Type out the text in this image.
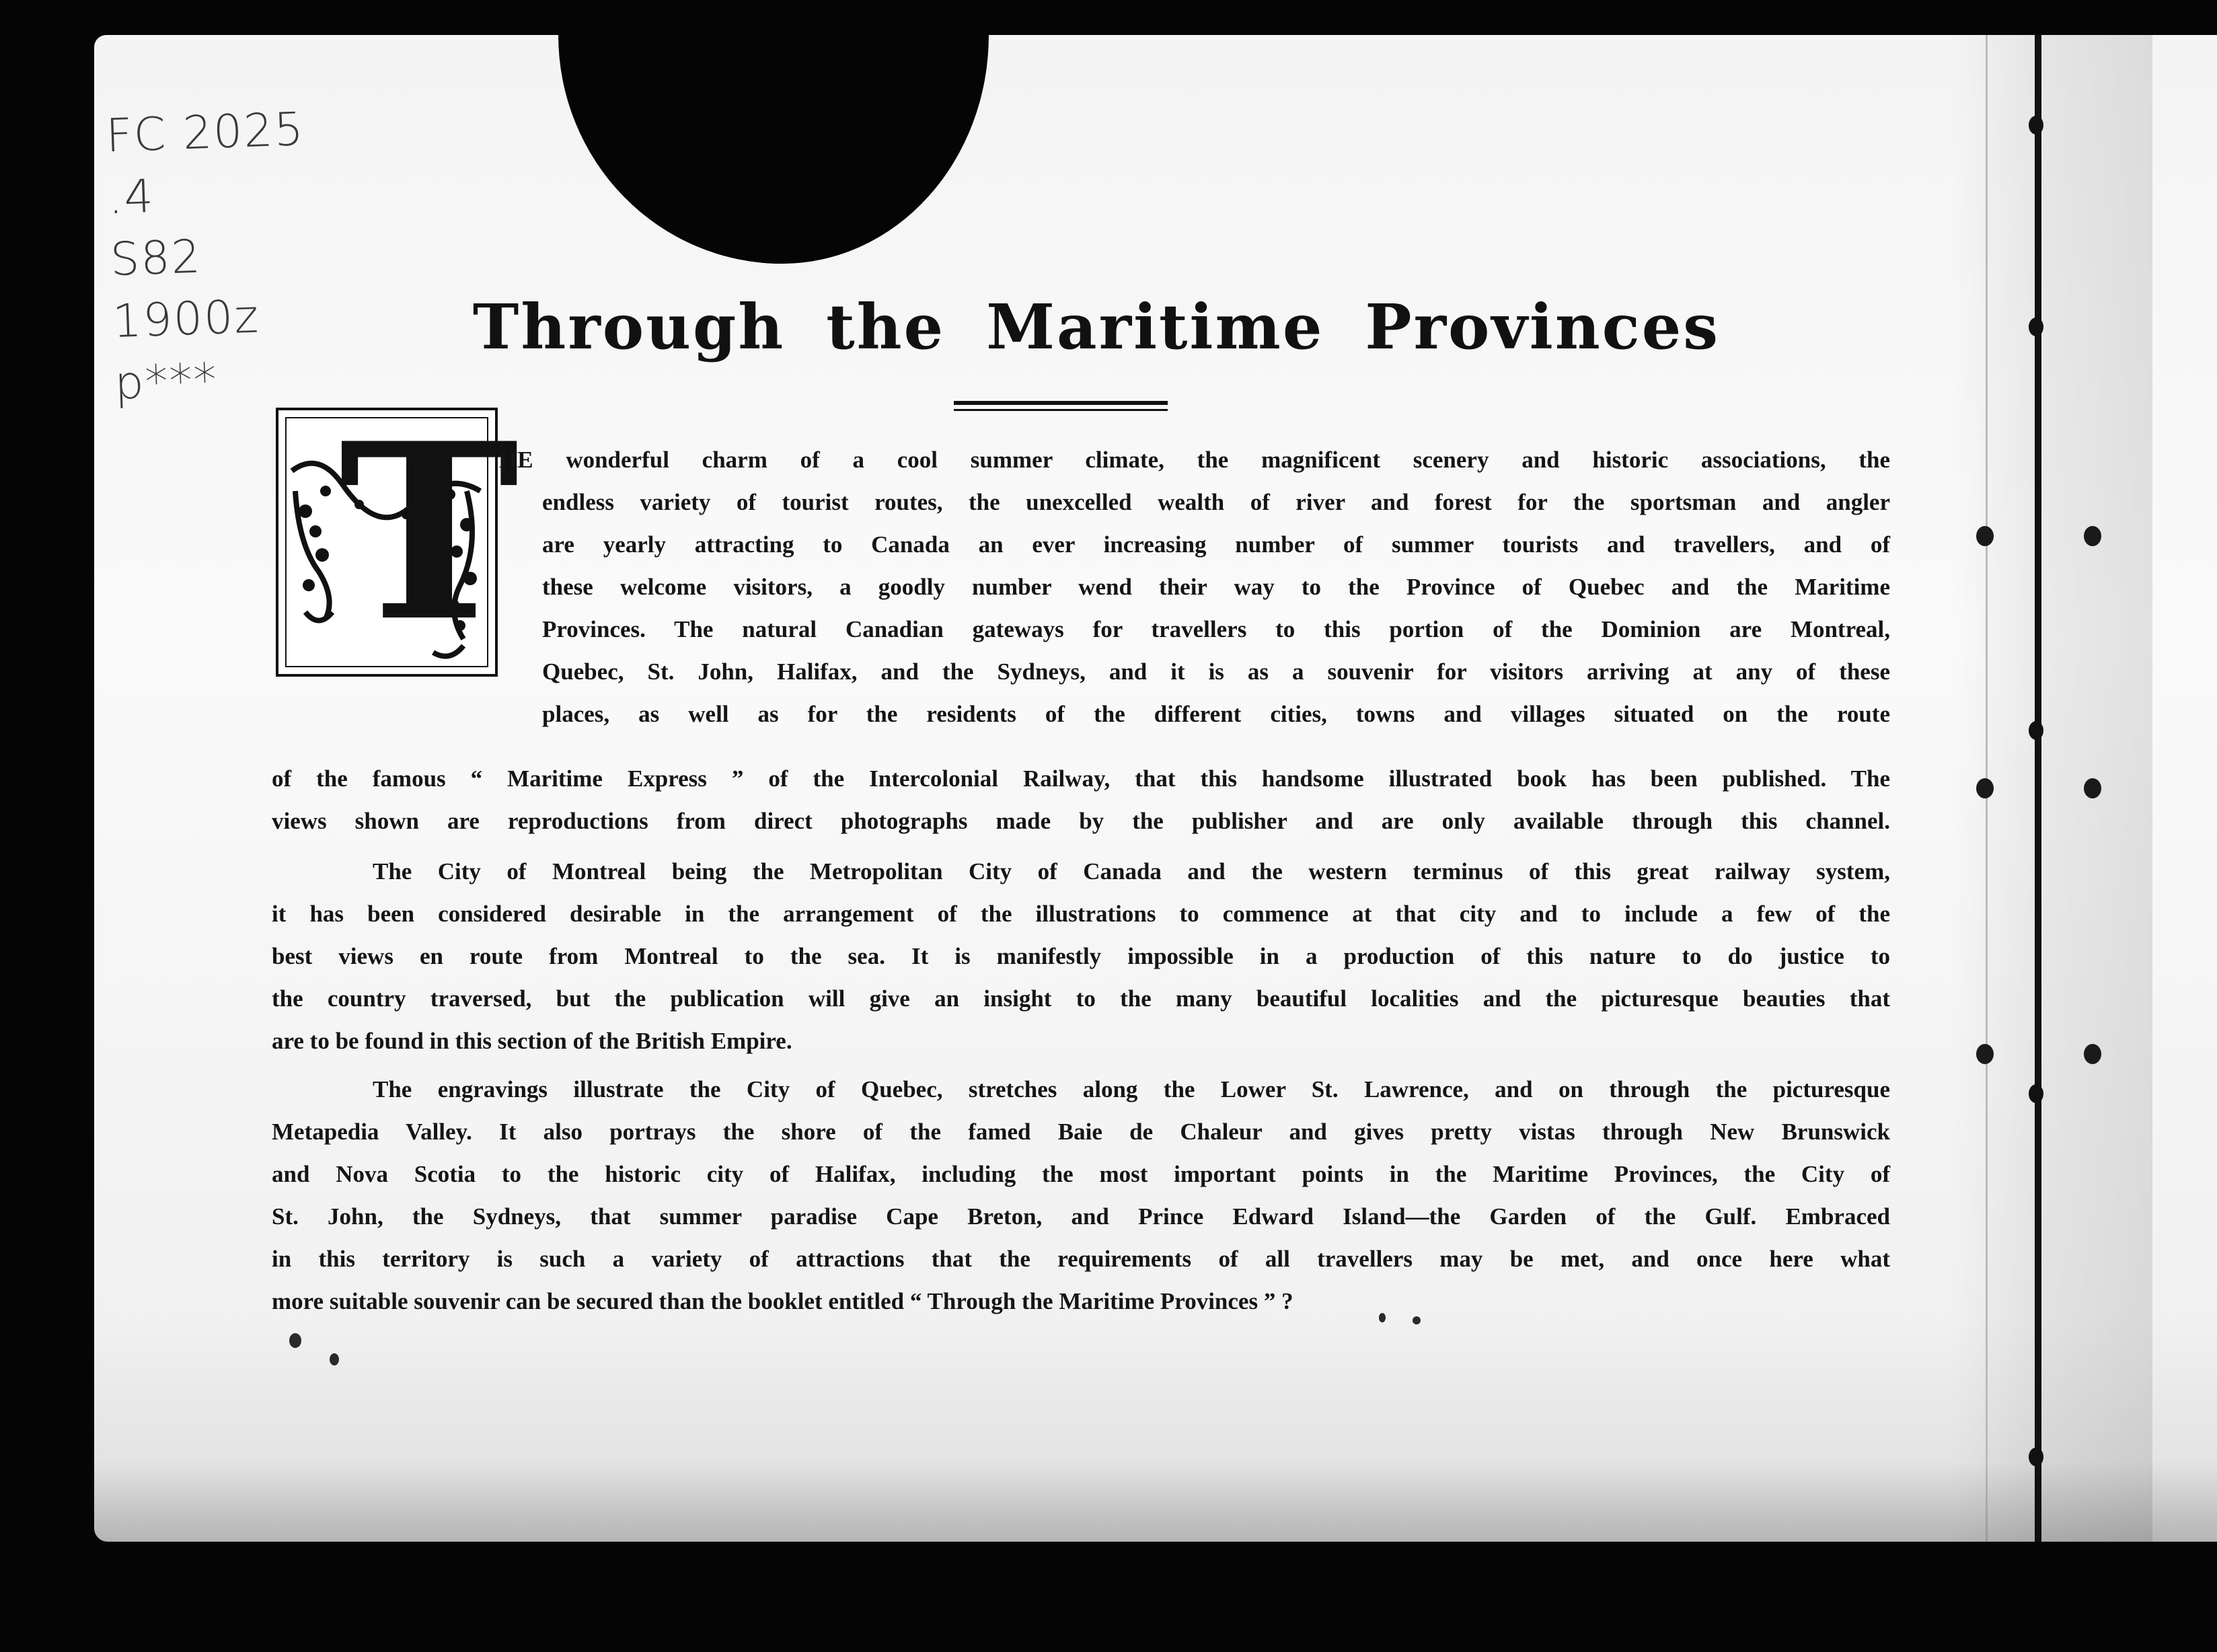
FC 2025
.4
S82
1900z
p***
Through the Maritime Provinces
T
HE wonderful charm of a cool summer climate, the magnificent scenery and historic associations, the
endless variety of tourist routes, the unexcelled wealth of river and forest for the sportsman and angler
are yearly attracting to Canada an ever increasing number of summer tourists and travellers, and of
these welcome visitors, a goodly number wend their way to the Province of Quebec and the Maritime
Provinces. The natural Canadian gateways for travellers to this portion of the Dominion are Montreal,
Quebec, St. John, Halifax, and the Sydneys, and it is as a souvenir for visitors arriving at any of these
places, as well as for the residents of the different cities, towns and villages situated on the route
of the famous “ Maritime Express ” of the Intercolonial Railway, that this handsome illustrated book has been published. The
views shown are reproductions from direct photographs made by the publisher and are only available through this channel.
The City of Montreal being the Metropolitan City of Canada and the western terminus of this great railway system,
it has been considered desirable in the arrangement of the illustrations to commence at that city and to include a few of the
best views en route from Montreal to the sea. It is manifestly impossible in a production of this nature to do justice to
the country traversed, but the publication will give an insight to the many beautiful localities and the picturesque beauties that
are to be found in this section of the British Empire.
The engravings illustrate the City of Quebec, stretches along the Lower St. Lawrence, and on through the picturesque
Metapedia Valley. It also portrays the shore of the famed Baie de Chaleur and gives pretty vistas through New Brunswick
and Nova Scotia to the historic city of Halifax, including the most important points in the Maritime Provinces, the City of
St. John, the Sydneys, that summer paradise Cape Breton, and Prince Edward Island—the Garden of the Gulf. Embraced
in this territory is such a variety of attractions that the requirements of all travellers may be met, and once here what
more suitable souvenir can be secured than the booklet entitled “ Through the Maritime Provinces ” ?
